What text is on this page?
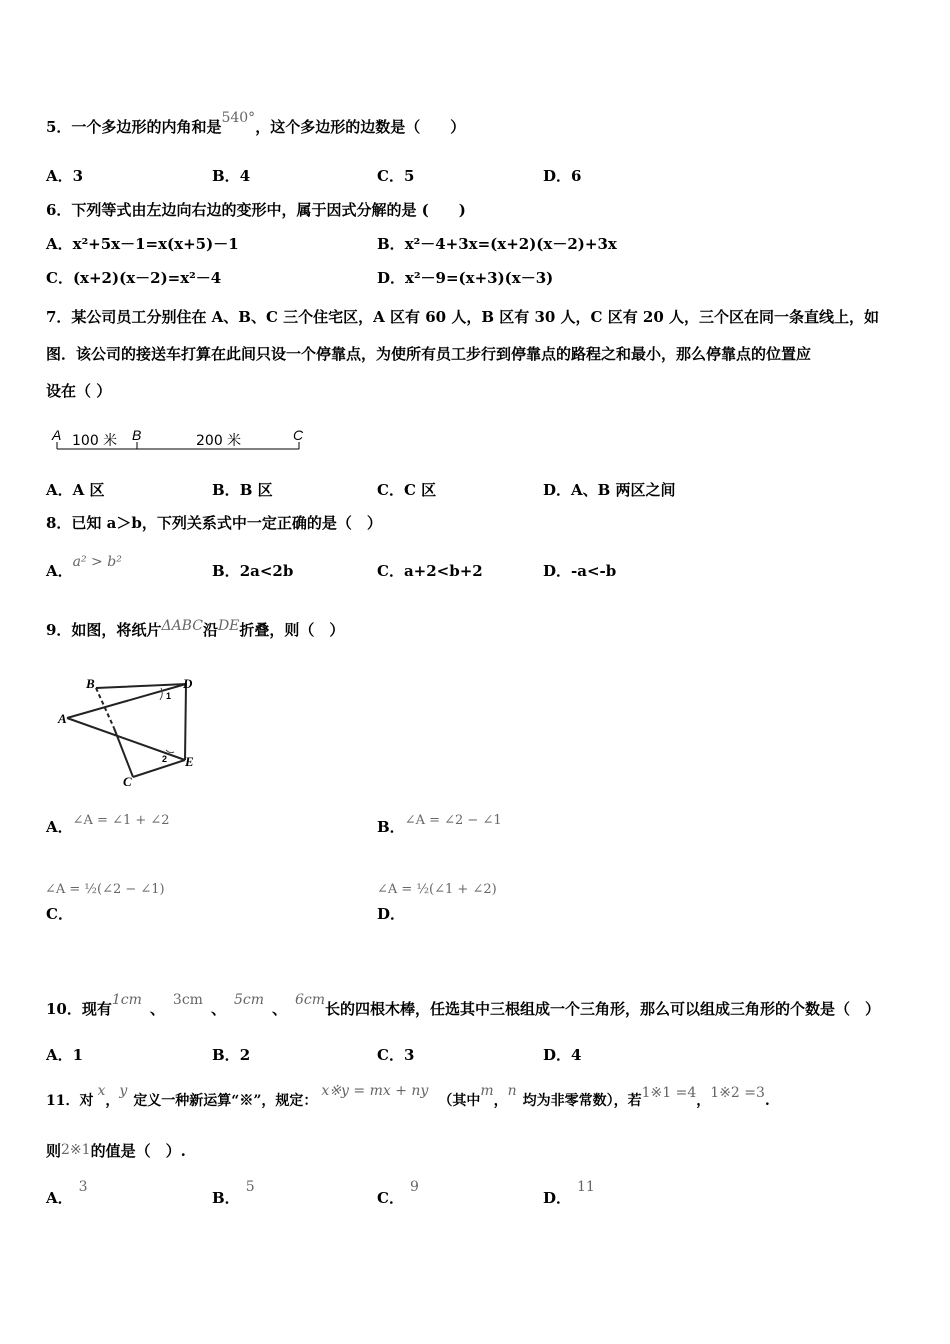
5．一个多边形的内角和是540°，这个多边形的边数是（　　）
A．3	B．4	C．5	D．6
6．下列等式由左边向右边的变形中，属于因式分解的是 (　　)
A．x²+5x－1=x(x+5)－1	B．x²－4+3x=(x+2)(x－2)+3x
C．(x+2)(x－2)=x²－4	D．x²－9=(x+3)(x－3)
7．某公司员工分别住在 A、B、C 三个住宅区，A 区有 60 人，B 区有 30 人，C 区有 20 人，三个区在同一条直线上，如
图．该公司的接送车打算在此间只设一个停靠点，为使所有员工步行到停靠点的路程之和最小，那么停靠点的位置应
设在（ ）
A	B	C
100 米	200 米
A．A 区	B．B 区	C．C 区	D．A、B 两区之间
8．已知 a＞b，下列关系式中一定正确的是（　）
A．a² > b²	B．2a<2b	C．a+2<b+2	D．-a<-b
9．如图，将纸片ΔABC沿DE折叠，则（　）
B	D
A
E
C
1
2
A．∠A = ∠1 + ∠2	B．∠A = ∠2 − ∠1
C．∠A = ½(∠2 − ∠1)
D．∠A = ½(∠1 + ∠2)
10．现有1cm 、 3cm 、 5cm 、 6cm长的四根木棒，任选其中三根组成一个三角形，那么可以组成三角形的个数是（　）
A．1	B．2	C．3	D．4
11．对x，y定义一种新运算“※”，规定：x※y = mx + ny（其中m，n均为非零常数），若1※1 =4，1※2 =3.
则2※1的值是（　）.
A．3
B．5
C．9
D．11
